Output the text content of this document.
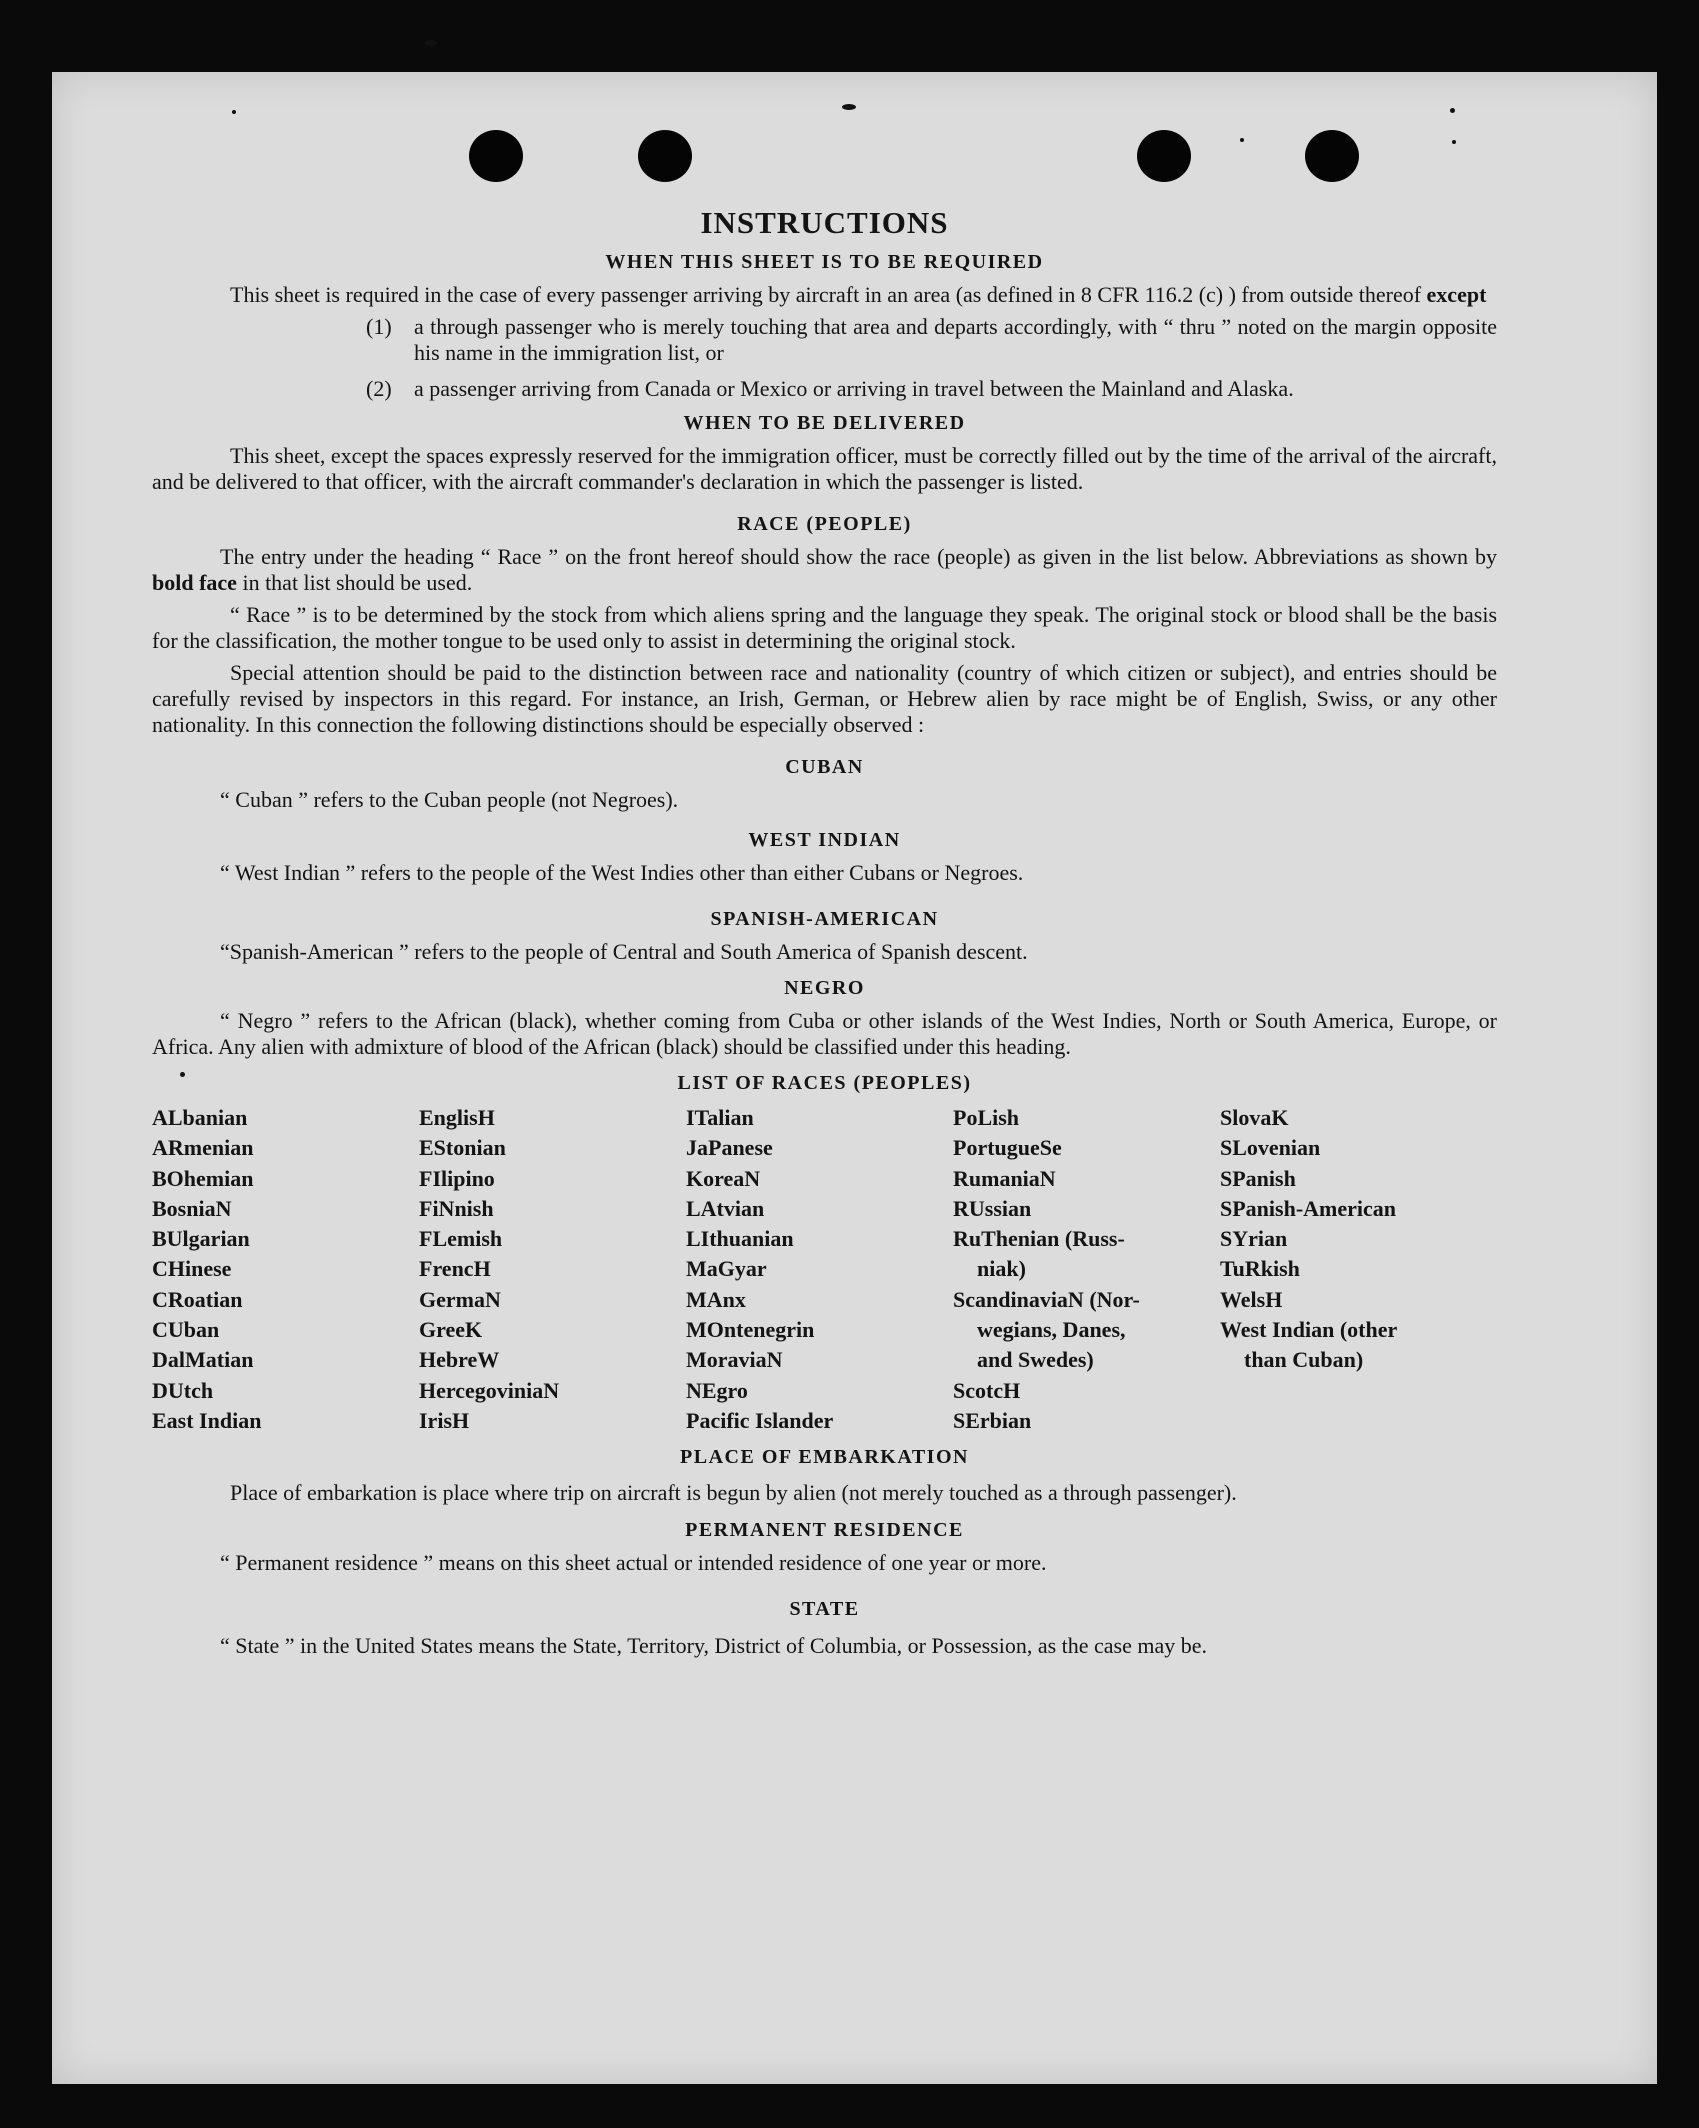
INSTRUCTIONS
WHEN THIS SHEET IS TO BE REQUIRED

This sheet is required in the case of every passenger arriving by aircraft in an area (as defined in 8 CFR 116.2 (c) ) from outside thereof except

(1)	a through passenger who is merely touching that area and departs accordingly, with “ thru ” noted on the margin opposite his name in the immigration list, or
(2)	a passenger arriving from Canada or Mexico or arriving in travel between the Mainland and Alaska.
WHEN TO BE DELIVERED

This sheet, except the spaces expressly reserved for the immigration officer, must be correctly filled out by the time of the arrival of the aircraft, and be delivered to that officer, with the aircraft commander's declaration in which the passenger is listed.

RACE (PEOPLE)

The entry under the heading “ Race ” on the front hereof should show the race (people) as given in the list below. Abbreviations as shown by bold face in that list should be used.

“ Race ” is to be determined by the stock from which aliens spring and the language they speak. The original stock or blood shall be the basis for the classification, the mother tongue to be used only to assist in determining the original stock.

Special attention should be paid to the distinction between race and nationality (country of which citizen or subject), and entries should be carefully revised by inspectors in this regard. For instance, an Irish, German, or Hebrew alien by race might be of English, Swiss, or any other nationality. In this connection the following distinctions should be especially observed :

CUBAN

“ Cuban ” refers to the Cuban people (not Negroes).

WEST INDIAN

“ West Indian ” refers to the people of the West Indies other than either Cubans or Negroes.

SPANISH-AMERICAN

“Spanish-American ” refers to the people of Central and South America of Spanish descent.

NEGRO

“ Negro ” refers to the African (black), whether coming from Cuba or other islands of the West Indies, North or South America, Europe, or Africa. Any alien with admixture of blood of the African (black) should be classified under this heading.

LIST OF RACES (PEOPLES)
ALbanian
ARmenian
BOhemian
BosniaN
BUlgarian
CHinese
CRoatian
CUban
DalMatian
DUtch
East Indian
EnglisH
EStonian
FIlipino
FiNnish
FLemish
FrencH
GermaN
GreeK
HebreW
HercegoviniaN
IrisH
ITalian
JaPanese
KoreaN
LAtvian
LIthuanian
MaGyar
MAnx
MOntenegrin
MoraviaN
NEgro
Pacific Islander
PoLish
PortugueSe
RumaniaN
RUssian
RuThenian (Russ-
niak)
ScandinaviaN (Nor-
wegians, Danes,
and Swedes)
ScotcH
SErbian
SlovaK
SLovenian
SPanish
SPanish-American
SYrian
TuRkish
WelsH
West Indian (other
than Cuban)
PLACE OF EMBARKATION

Place of embarkation is place where trip on aircraft is begun by alien (not merely touched as a through passenger).

PERMANENT RESIDENCE

“ Permanent residence ” means on this sheet actual or intended residence of one year or more.

STATE

“ State ” in the United States means the State, Territory, District of Columbia, or Possession, as the case may be.
